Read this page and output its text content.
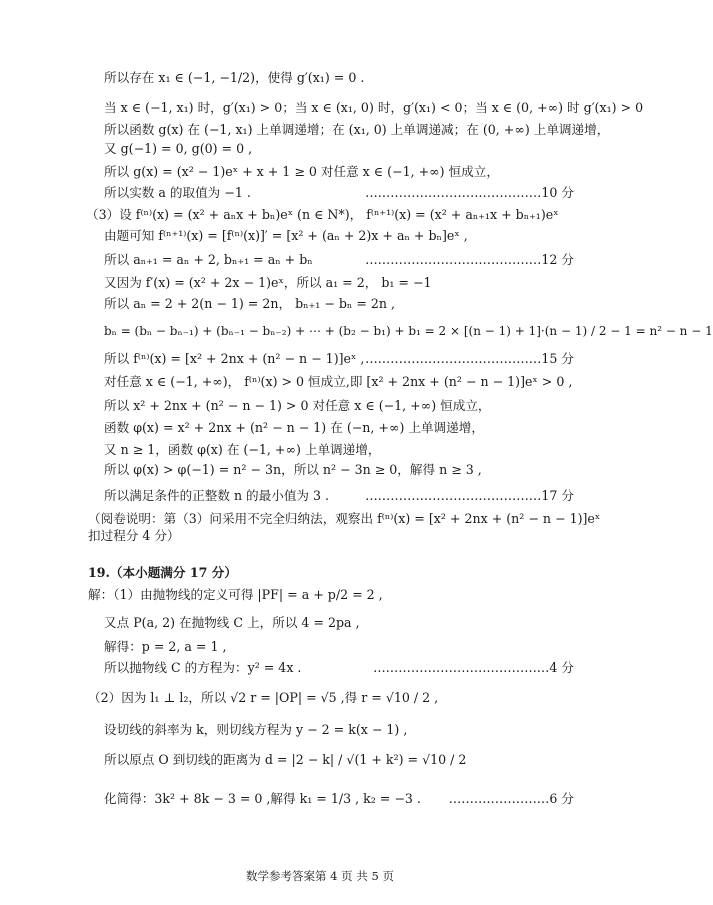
所以存在 x₁ ∈ (−1, −1/2)，使得 g′(x₁) = 0 .
当 x ∈ (−1, x₁) 时，g′(x₁) > 0；当 x ∈ (x₁, 0) 时，g′(x₁) < 0；当 x ∈ (0, +∞) 时 g′(x₁) > 0
所以函数 g(x) 在 (−1, x₁) 上单调递增；在 (x₁, 0) 上单调递减；在 (0, +∞) 上单调递增，
又 g(−1) = 0, g(0) = 0 ,
所以 g(x) = (x² − 1)eˣ + x + 1 ≥ 0 对任意 x ∈ (−1, +∞) 恒成立，
所以实数 a 的取值为 −1 .	……………………………………10 分
（3）设 f⁽ⁿ⁾(x) = (x² + aₙx + bₙ)eˣ (n ∈ N*)， f⁽ⁿ⁺¹⁾(x) = (x² + aₙ₊₁x + bₙ₊₁)eˣ
由题可知 f⁽ⁿ⁺¹⁾(x) = [f⁽ⁿ⁾(x)]′ = [x² + (aₙ + 2)x + aₙ + bₙ]eˣ ,
所以 aₙ₊₁ = aₙ + 2, bₙ₊₁ = aₙ + bₙ	……………………………………12 分
又因为 f′(x) = (x² + 2x − 1)eˣ，所以 a₁ = 2， b₁ = −1
所以 aₙ = 2 + 2(n − 1) = 2n， bₙ₊₁ − bₙ = 2n ,
bₙ = (bₙ − bₙ₋₁) + (bₙ₋₁ − bₙ₋₂) + ⋯ + (b₂ − b₁) + b₁ = 2 × [(n − 1) + 1]·(n − 1) / 2 − 1 = n² − n − 1
所以 f⁽ⁿ⁾(x) = [x² + 2nx + (n² − n − 1)]eˣ , ……………………………………15 分
对任意 x ∈ (−1, +∞)， f⁽ⁿ⁾(x) > 0 恒成立,即 [x² + 2nx + (n² − n − 1)]eˣ > 0 ,
所以 x² + 2nx + (n² − n − 1) > 0 对任意 x ∈ (−1, +∞) 恒成立，
函数 φ(x) = x² + 2nx + (n² − n − 1) 在 (−n, +∞) 上单调递增，
又 n ≥ 1，函数 φ(x) 在 (−1, +∞) 上单调递增，
所以 φ(x) > φ(−1) = n² − 3n，所以 n² − 3n ≥ 0，解得 n ≥ 3 ,
所以满足条件的正整数 n 的最小值为 3 .	……………………………………17 分
（阅卷说明：第（3）问采用不完全归纳法，观察出 f⁽ⁿ⁾(x) = [x² + 2nx + (n² − n − 1)]eˣ
扣过程分 4 分）
19.（本小题满分 17 分）
解：（1）由抛物线的定义可得 |PF| = a + p/2 = 2 ,
又点 P(a, 2) 在抛物线 C 上，所以 4 = 2pa ,
解得：p = 2, a = 1 ,
所以抛物线 C 的方程为：y² = 4x .	……………………………………4 分
（2）因为 l₁ ⊥ l₂，所以 √2 r = |OP| = √5 ,得 r = √10 / 2 ,
设切线的斜率为 k，则切线方程为 y − 2 = k(x − 1) ,
所以原点 O 到切线的距离为 d = |2 − k| / √(1 + k²) = √10 / 2
化简得：3k² + 8k − 3 = 0 ,解得 k₁ = 1/3 , k₂ = −3 . ……………………6 分
数学参考答案第 4 页 共 5 页
